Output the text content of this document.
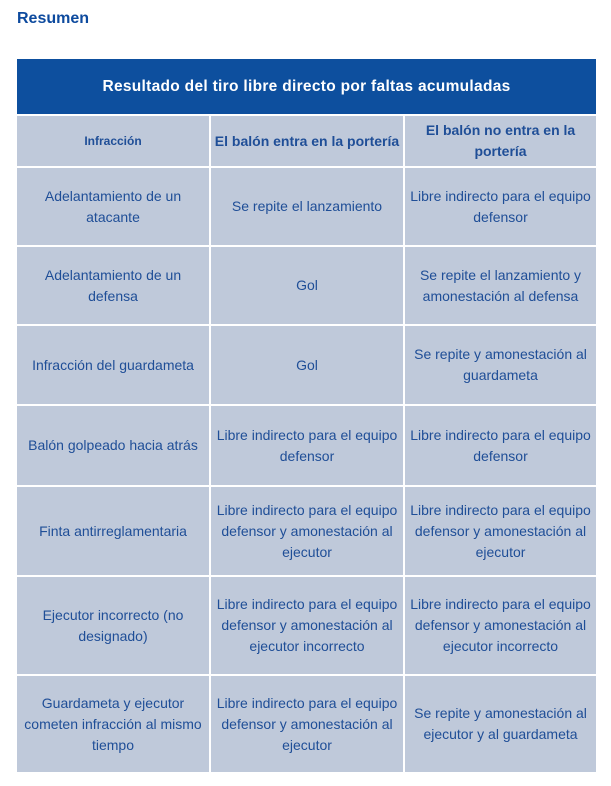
Resumen
Resultado del tiro libre directo por faltas acumuladas		
Infracción	El balón entra en la portería	El balón no entra en la portería
Adelantamiento de un atacante	Se repite el lanzamiento	Libre indirecto para el equipo defensor
Adelantamiento de un defensa	Gol	Se repite el lanzamiento y amonestación al defensa
Infracción del guardameta	Gol	Se repite y amonestación al guardameta
Balón golpeado hacia atrás	Libre indirecto para el equipo defensor	Libre indirecto para el equipo defensor
Finta antirreglamentaria	Libre indirecto para el equipo defensor y amonestación al ejecutor	Libre indirecto para el equipo defensor y amonestación al ejecutor
Ejecutor incorrecto (no designado)	Libre indirecto para el equipo defensor y amonestación al ejecutor incorrecto	Libre indirecto para el equipo defensor y amonestación al ejecutor incorrecto
Guardameta y ejecutor cometen infracción al mismo tiempo	Libre indirecto para el equipo defensor y amonestación al ejecutor	Se repite y amonestación al ejecutor y al guardameta
